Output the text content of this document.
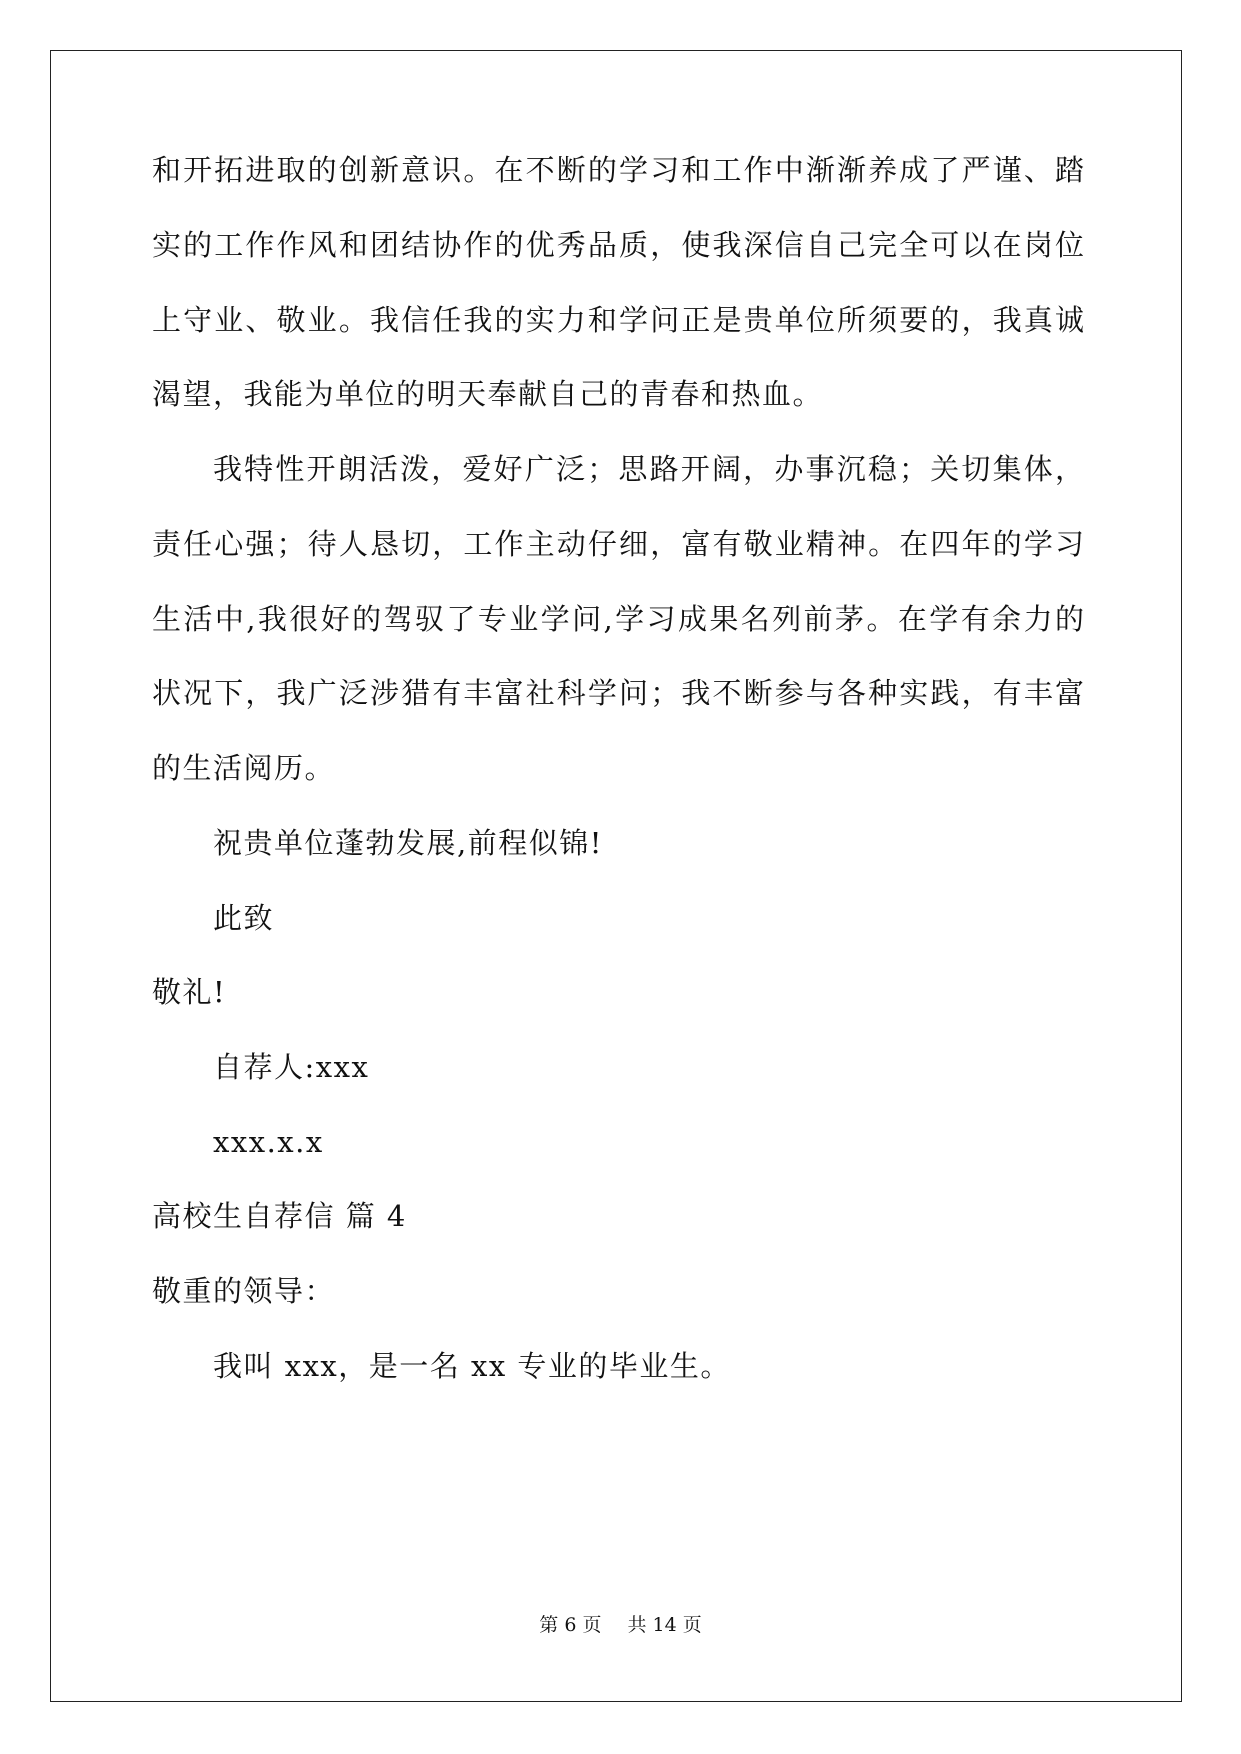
和开拓进取的创新意识。在不断的学习和工作中渐渐养成了严谨、踏
实的工作作风和团结协作的优秀品质，使我深信自己完全可以在岗位
上守业、敬业。我信任我的实力和学问正是贵单位所须要的，我真诚
渴望，我能为单位的明天奉献自己的青春和热血。
我特性开朗活泼，爱好广泛；思路开阔，办事沉稳；关切集体，
责任心强；待人恳切，工作主动仔细，富有敬业精神。在四年的学习
生活中,我很好的驾驭了专业学问,学习成果名列前茅。在学有余力的
状况下，我广泛涉猎有丰富社科学问；我不断参与各种实践，有丰富
的生活阅历。
祝贵单位蓬勃发展,前程似锦!
此致
敬礼!
自荐人:xxx
xxx.x.x
高校生自荐信 篇 4
敬重的领导：
我叫 xxx，是一名 xx 专业的毕业生。
第 6 页 共 14 页
